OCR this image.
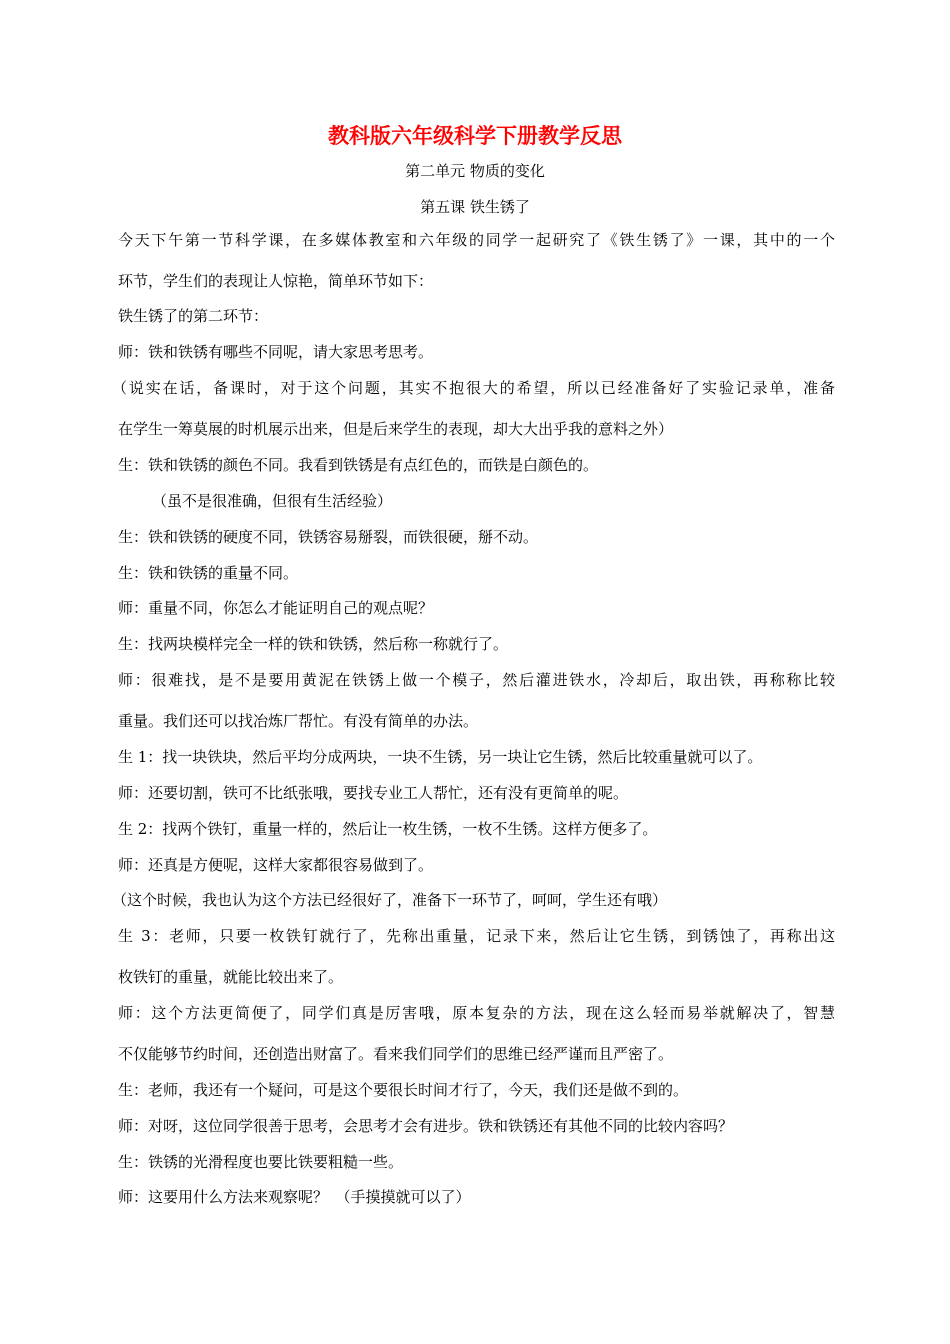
教科版六年级科学下册教学反思
第二单元 物质的变化
第五课 铁生锈了
今天下午第一节科学课，在多媒体教室和六年级的同学一起研究了《铁生锈了》一课，其中的一个
环节，学生们的表现让人惊艳，简单环节如下：
铁生锈了的第二环节：
师：铁和铁锈有哪些不同呢，请大家思考思考。
（说实在话，备课时，对于这个问题，其实不抱很大的希望，所以已经准备好了实验记录单，准备
在学生一筹莫展的时机展示出来，但是后来学生的表现，却大大出乎我的意料之外）
生：铁和铁锈的颜色不同。我看到铁锈是有点红色的，而铁是白颜色的。
（虽不是很准确，但很有生活经验）
生：铁和铁锈的硬度不同，铁锈容易掰裂，而铁很硬，掰不动。
生：铁和铁锈的重量不同。
师：重量不同，你怎么才能证明自己的观点呢？
生：找两块模样完全一样的铁和铁锈，然后称一称就行了。
师：很难找，是不是要用黄泥在铁锈上做一个模子，然后灌进铁水，冷却后，取出铁，再称称比较
重量。我们还可以找冶炼厂帮忙。有没有简单的办法。
生 1：找一块铁块，然后平均分成两块，一块不生锈，另一块让它生锈，然后比较重量就可以了。
师：还要切割，铁可不比纸张哦，要找专业工人帮忙，还有没有更简单的呢。
生 2：找两个铁钉，重量一样的，然后让一枚生锈，一枚不生锈。这样方便多了。
师：还真是方便呢，这样大家都很容易做到了。
（这个时候，我也认为这个方法已经很好了，准备下一环节了，呵呵，学生还有哦）
生 3：老师，只要一枚铁钉就行了，先称出重量，记录下来，然后让它生锈，到锈蚀了，再称出这
枚铁钉的重量，就能比较出来了。
师：这个方法更简便了，同学们真是厉害哦，原本复杂的方法，现在这么轻而易举就解决了，智慧
不仅能够节约时间，还创造出财富了。看来我们同学们的思维已经严谨而且严密了。
生：老师，我还有一个疑问，可是这个要很长时间才行了，今天，我们还是做不到的。
师：对呀，这位同学很善于思考，会思考才会有进步。铁和铁锈还有其他不同的比较内容吗？
生：铁锈的光滑程度也要比铁要粗糙一些。
师：这要用什么方法来观察呢？　（手摸摸就可以了）
